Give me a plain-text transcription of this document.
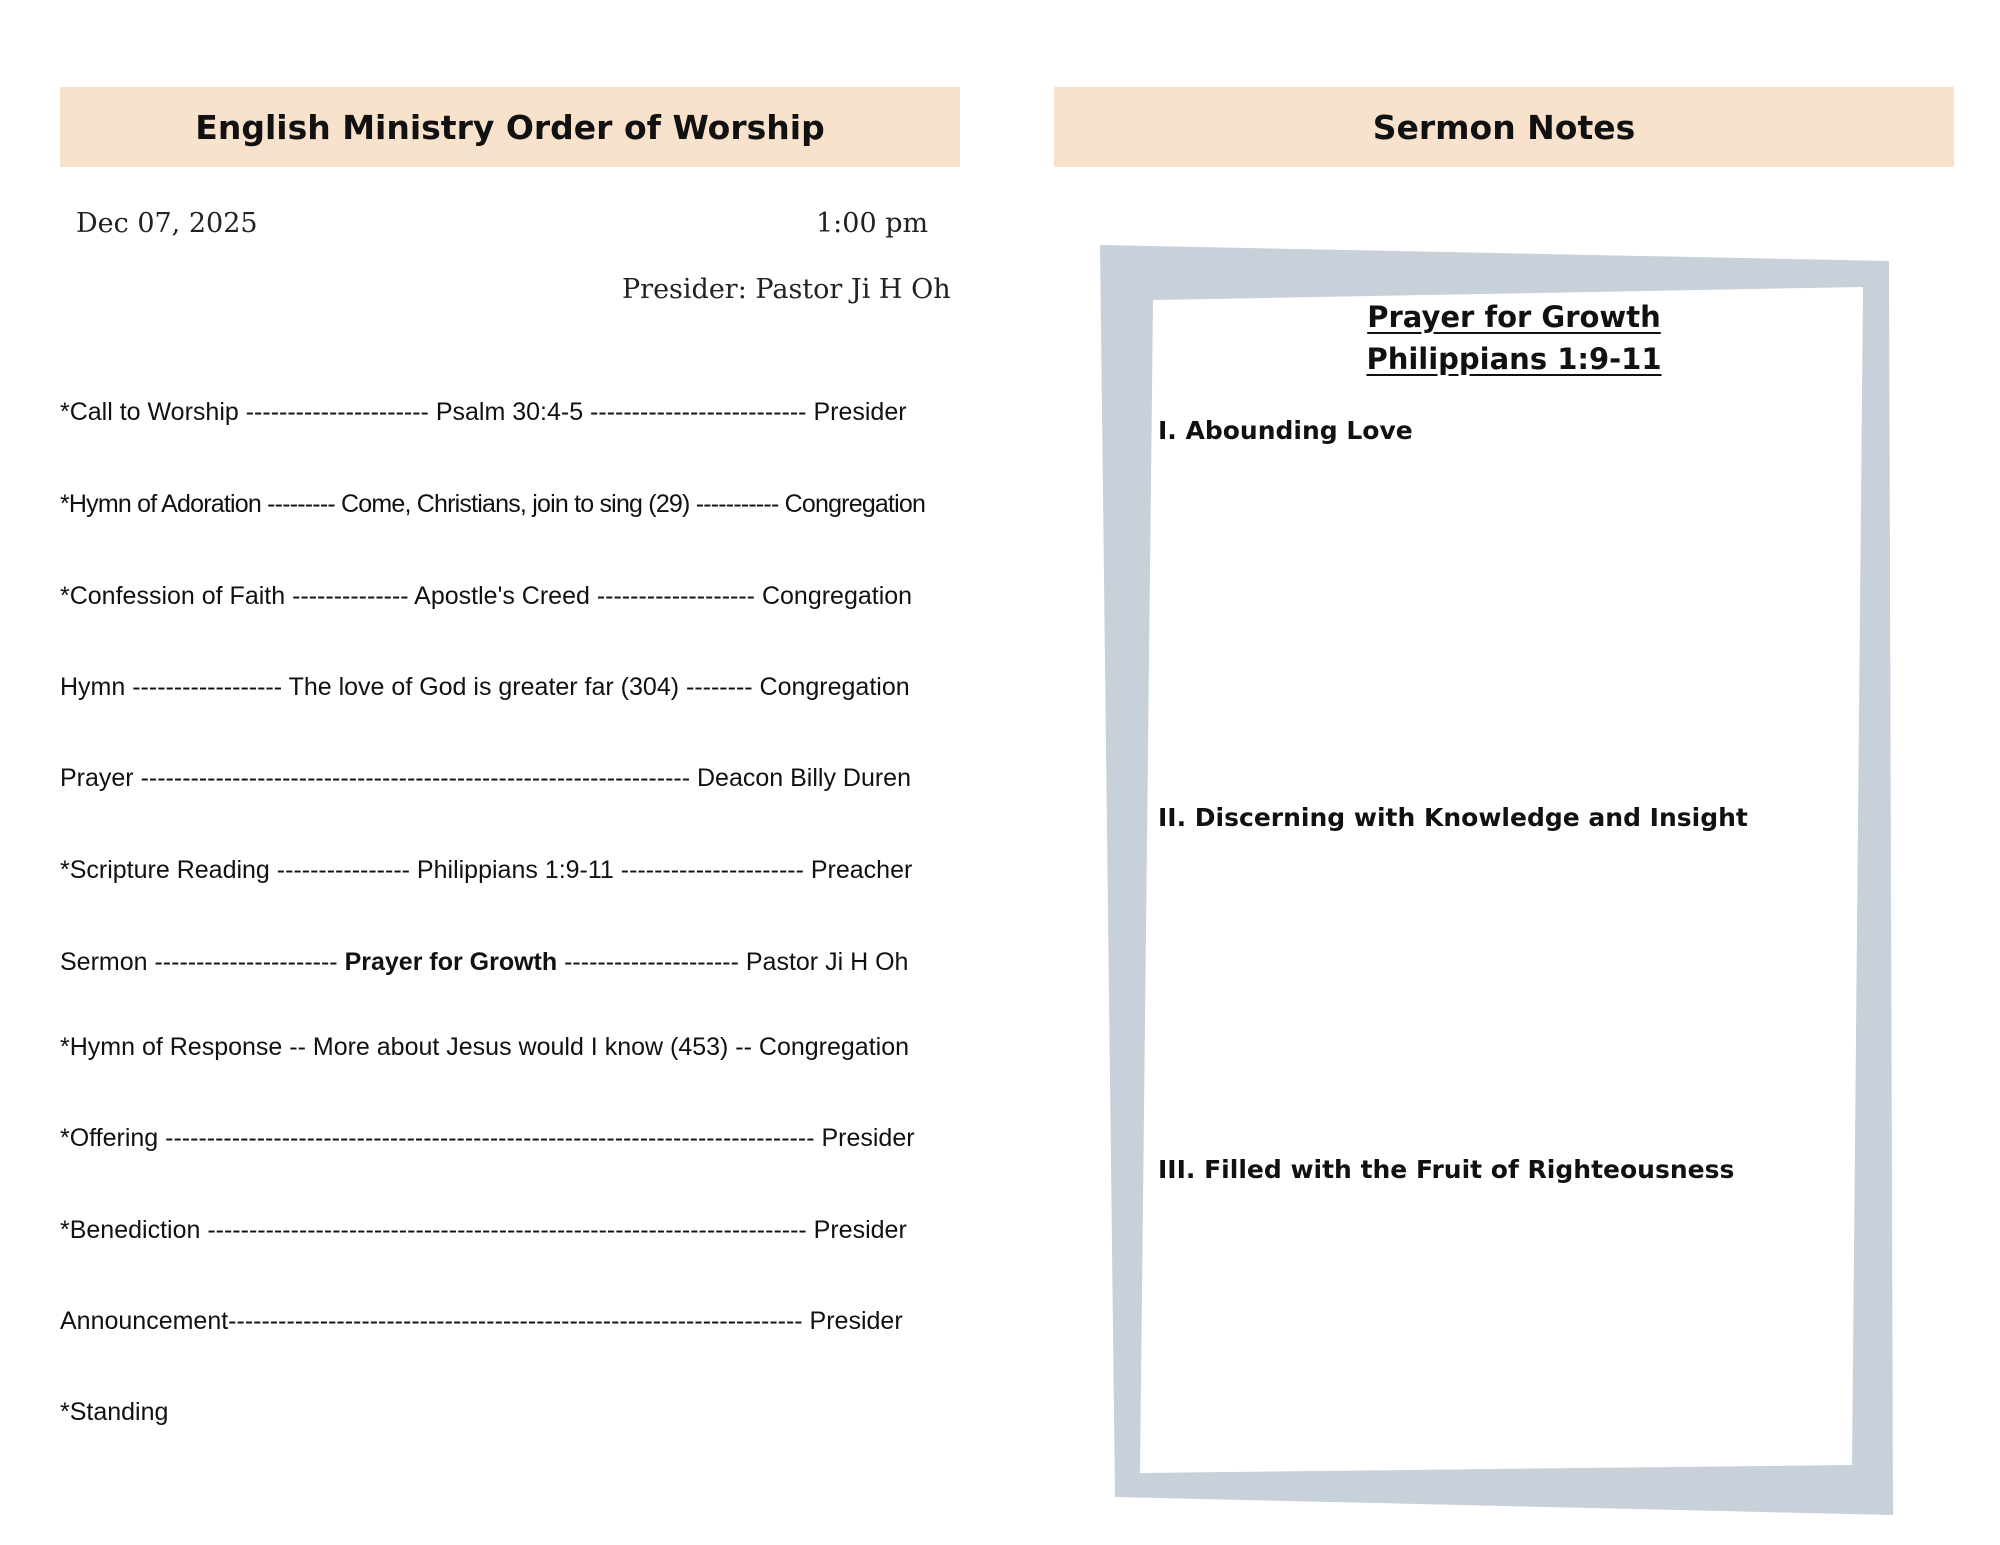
English Ministry Order of Worship
Dec 07, 2025	1:00 pm
Presider: Pastor Ji H Oh
*Call to Worship ---------------------- Psalm 30:4-5 -------------------------- Presider
*Hymn of Adoration --------- Come, Christians, join to sing (29) ----------- Congregation
*Confession of Faith -------------- Apostle's Creed ------------------- Congregation
Hymn ------------------ The love of God is greater far (304) -------- Congregation
Prayer ------------------------------------------------------------------ Deacon Billy Duren
*Scripture Reading ---------------- Philippians 1:9-11 ---------------------- Preacher
Sermon ---------------------- Prayer for Growth --------------------- Pastor Ji H Oh
*Hymn of Response -- More about Jesus would I know (453) -- Congregation
*Offering ------------------------------------------------------------------------------ Presider
*Benediction ------------------------------------------------------------------------ Presider
Announcement--------------------------------------------------------------------- Presider
*Standing
Sermon Notes
Prayer for Growth
Philippians 1:9-11
I. Abounding Love
II. Discerning with Knowledge and Insight
III. Filled with the Fruit of Righteousness
